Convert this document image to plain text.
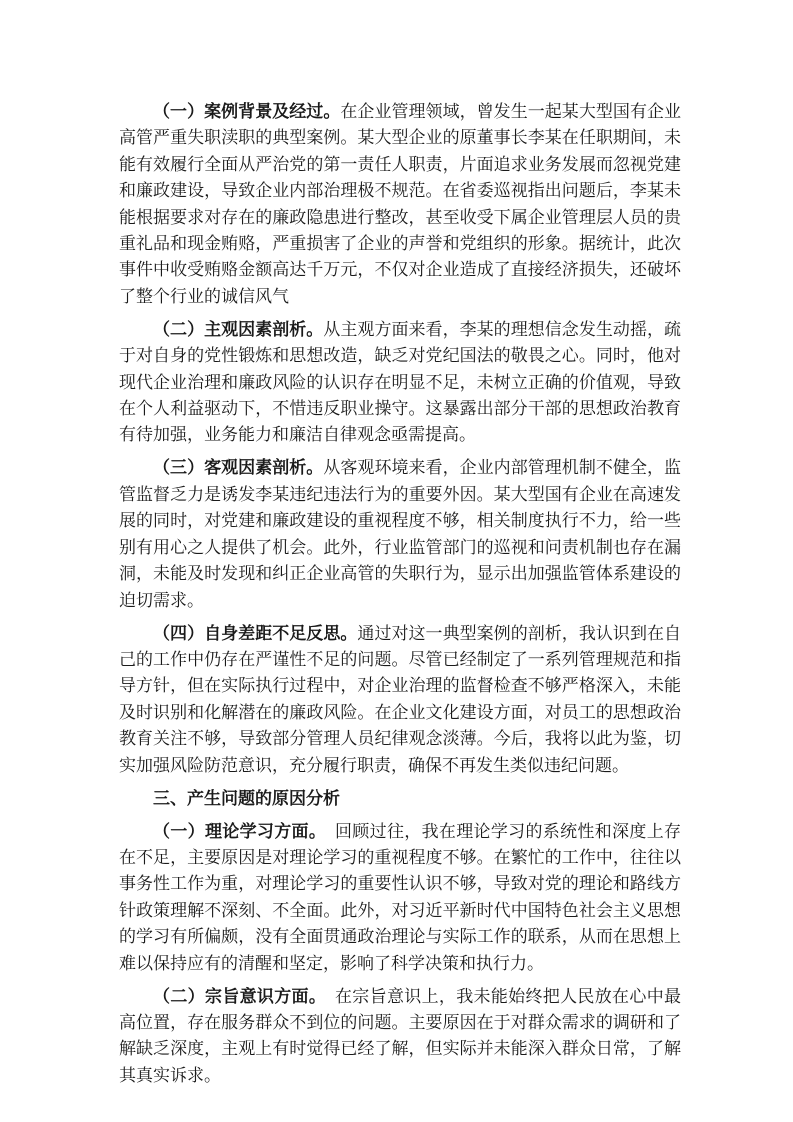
（一）案例背景及经过。在企业管理领域，曾发生一起某大型国有企业高管严重失职渎职的典型案例。某大型企业的原董事长李某在任职期间，未能有效履行全面从严治党的第一责任人职责，片面追求业务发展而忽视党建和廉政建设，导致企业内部治理极不规范。在省委巡视指出问题后，李某未能根据要求对存在的廉政隐患进行整改，甚至收受下属企业管理层人员的贵重礼品和现金贿赂，严重损害了企业的声誉和党组织的形象。据统计，此次事件中收受贿赂金额高达千万元，不仅对企业造成了直接经济损失，还破坏了整个行业的诚信风气

（二）主观因素剖析。从主观方面来看，李某的理想信念发生动摇，疏于对自身的党性锻炼和思想改造，缺乏对党纪国法的敬畏之心。同时，他对现代企业治理和廉政风险的认识存在明显不足，未树立正确的价值观，导致在个人利益驱动下，不惜违反职业操守。这暴露出部分干部的思想政治教育有待加强，业务能力和廉洁自律观念亟需提高。

（三）客观因素剖析。从客观环境来看，企业内部管理机制不健全，监管监督乏力是诱发李某违纪违法行为的重要外因。某大型国有企业在高速发展的同时，对党建和廉政建设的重视程度不够，相关制度执行不力，给一些别有用心之人提供了机会。此外，行业监管部门的巡视和问责机制也存在漏洞，未能及时发现和纠正企业高管的失职行为，显示出加强监管体系建设的迫切需求。

（四）自身差距不足反思。通过对这一典型案例的剖析，我认识到在自己的工作中仍存在严谨性不足的问题。尽管已经制定了一系列管理规范和指导方针，但在实际执行过程中，对企业治理的监督检查不够严格深入，未能及时识别和化解潜在的廉政风险。在企业文化建设方面，对员工的思想政治教育关注不够，导致部分管理人员纪律观念淡薄。今后，我将以此为鉴，切实加强风险防范意识，充分履行职责，确保不再发生类似违纪问题。

三、产生问题的原因分析

（一）理论学习方面。　回顾过往，我在理论学习的系统性和深度上存在不足，主要原因是对理论学习的重视程度不够。在繁忙的工作中，往往以事务性工作为重，对理论学习的重要性认识不够，导致对党的理论和路线方针政策理解不深刻、不全面。此外，对习近平新时代中国特色社会主义思想的学习有所偏颇，没有全面贯通政治理论与实际工作的联系，从而在思想上难以保持应有的清醒和坚定，影响了科学决策和执行力。

（二）宗旨意识方面。　在宗旨意识上，我未能始终把人民放在心中最高位置，存在服务群众不到位的问题。主要原因在于对群众需求的调研和了解缺乏深度，主观上有时觉得已经了解，但实际并未能深入群众日常，了解其真实诉求。
